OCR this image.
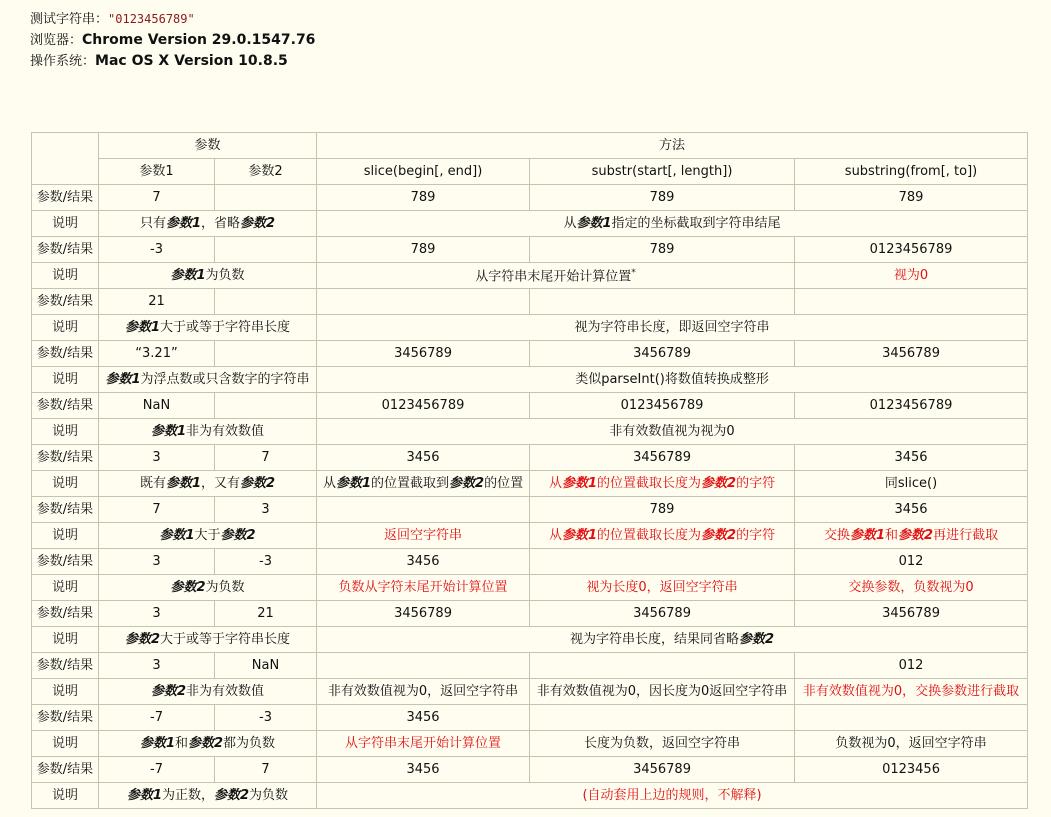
测试字符串："0123456789"
浏览器：Chrome Version 29.0.1547.76
操作系统：Mac OS X Version 10.8.5
	参数		方法		
	参数1	参数2	slice(begin[, end])	substr(start[, length])	substring(from[, to])
参数/结果	7		789	789	789
说明	只有参数1，省略参数2		从参数1指定的坐标截取到字符串结尾		
参数/结果	-3		789	789	0123456789
说明	参数1为负数		从字符串末尾开始计算位置*		视为0
参数/结果	21				
说明	参数1大于或等于字符串长度		视为字符串长度，即返回空字符串		
参数/结果	“3.21”		3456789	3456789	3456789
说明	参数1为浮点数或只含数字的字符串		类似parseInt()将数值转换成整形		
参数/结果	NaN		0123456789	0123456789	0123456789
说明	参数1非为有效数值		非有效数值视为视为0		
参数/结果	3	7	3456	3456789	3456
说明	既有参数1，又有参数2		从参数1的位置截取到参数2的位置	从参数1的位置截取长度为参数2的字符	同slice()
参数/结果	7	3		789	3456
说明	参数1大于参数2		返回空字符串	从参数1的位置截取长度为参数2的字符	交换参数1和参数2再进行截取
参数/结果	3	-3	3456		012
说明	参数2为负数		负数从字符末尾开始计算位置	视为长度0，返回空字符串	交换参数，负数视为0
参数/结果	3	21	3456789	3456789	3456789
说明	参数2大于或等于字符串长度		视为字符串长度，结果同省略参数2		
参数/结果	3	NaN			012
说明	参数2非为有效数值		非有效数值视为0，返回空字符串	非有效数值视为0，因长度为0返回空字符串	非有效数值视为0，交换参数进行截取
参数/结果	-7	-3	3456		
说明	参数1和参数2都为负数		从字符串末尾开始计算位置	长度为负数，返回空字符串	负数视为0，返回空字符串
参数/结果	-7	7	3456	3456789	0123456
说明	参数1为正数，参数2为负数		(自动套用上边的规则，不解释)		
